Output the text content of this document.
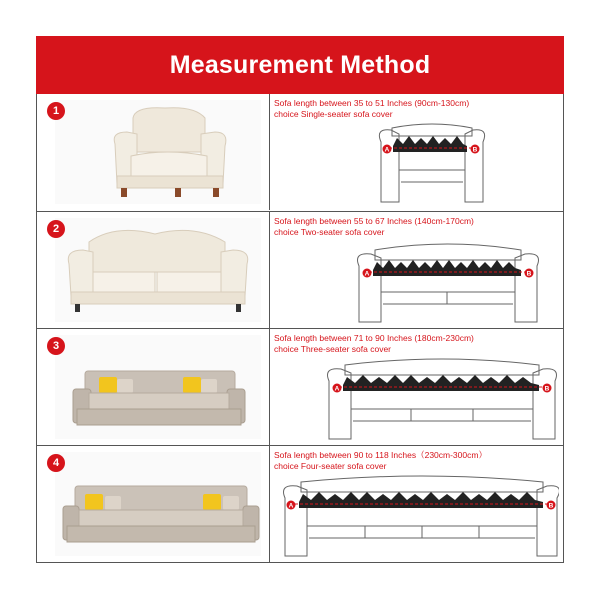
Measurement Method
1
Sofa length between 35 to 51 Inches (90cm-130cm)
choice Single-seater sofa cover
A	B
2
Sofa length between 55 to 67 Inches (140cm-170cm)
choice Two-seater sofa cover
A	B
3
Sofa length between 71 to 90 Inches (180cm-230cm)
choice Three-seater sofa cover
A	B
4
Sofa length between 90 to 118 Inches（230cm-300cm）
choice Four-seater sofa cover
A	B
